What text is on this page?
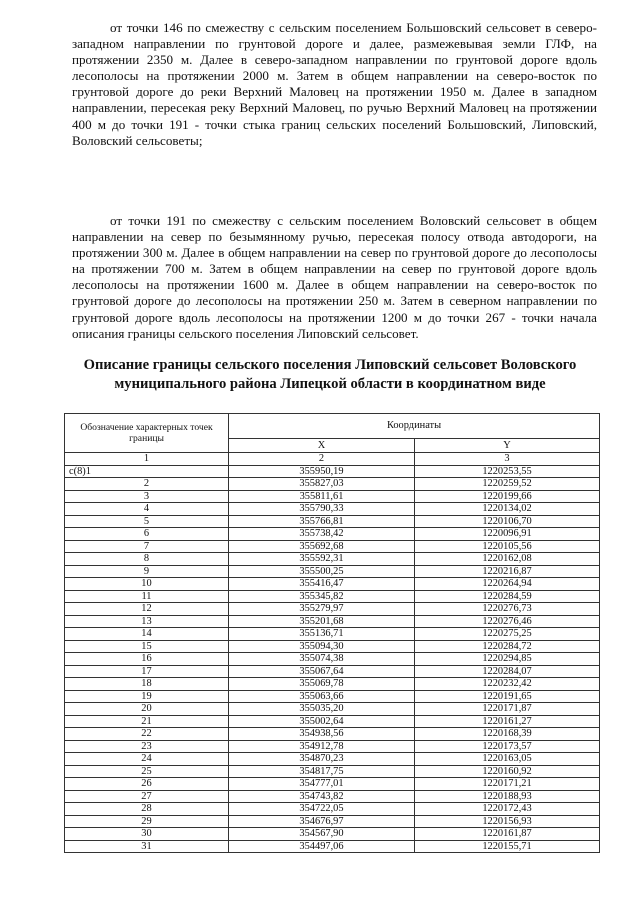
от точки 146 по смежеству с сельским поселением Большовский сельсовет в северо-западном направлении по грунтовой дороге и далее, размежевывая земли ГЛФ, на протяжении 2350 м. Далее в северо-западном направлении по грунтовой дороге вдоль лесополосы на протяжении 2000 м. Затем в общем направлении на северо-восток по грунтовой дороге до реки Верхний Маловец на протяжении 1950 м. Далее в западном направлении, пересекая реку Верхний Маловец, по ручью Верхний Маловец на протяжении 400 м до точки 191 - точки стыка границ сельских поселений Большовский, Липовский, Воловский сельсоветы;

от точки 191 по смежеству с сельским поселением Воловский сельсовет в общем направлении на север по безымянному ручью, пересекая полосу отвода автодороги, на протяжении 300 м. Далее в общем направлении на север по грунтовой дороге до лесополосы на протяжении 700 м. Затем в общем направлении на север по грунтовой дороге вдоль лесополосы на протяжении 1600 м. Далее в общем направлении на северо-восток по грунтовой дороге до лесополосы на протяжении 250 м. Затем в северном направлении по грунтовой дороге вдоль лесополосы на протяжении 1200 м до точки 267 - точки начала описания границы сельского поселения Липовский сельсовет.

Описание границы сельского поселения Липовский сельсовет Воловского
муниципального района Липецкой области в координатном виде
Обозначение характерных точек границы	Координаты	
	X	Y
1	2	3
с(8)1	355950,19	1220253,55
2	355827,03	1220259,52
3	355811,61	1220199,66
4	355790,33	1220134,02
5	355766,81	1220106,70
6	355738,42	1220096,91
7	355692,68	1220105,56
8	355592,31	1220162,08
9	355500,25	1220216,87
10	355416,47	1220264,94
11	355345,82	1220284,59
12	355279,97	1220276,73
13	355201,68	1220276,46
14	355136,71	1220275,25
15	355094,30	1220284,72
16	355074,38	1220294,85
17	355067,64	1220284,07
18	355069,78	1220232,42
19	355063,66	1220191,65
20	355035,20	1220171,87
21	355002,64	1220161,27
22	354938,56	1220168,39
23	354912,78	1220173,57
24	354870,23	1220163,05
25	354817,75	1220160,92
26	354777,01	1220171,21
27	354743,82	1220188,93
28	354722,05	1220172,43
29	354676,97	1220156,93
30	354567,90	1220161,87
31	354497,06	1220155,71
